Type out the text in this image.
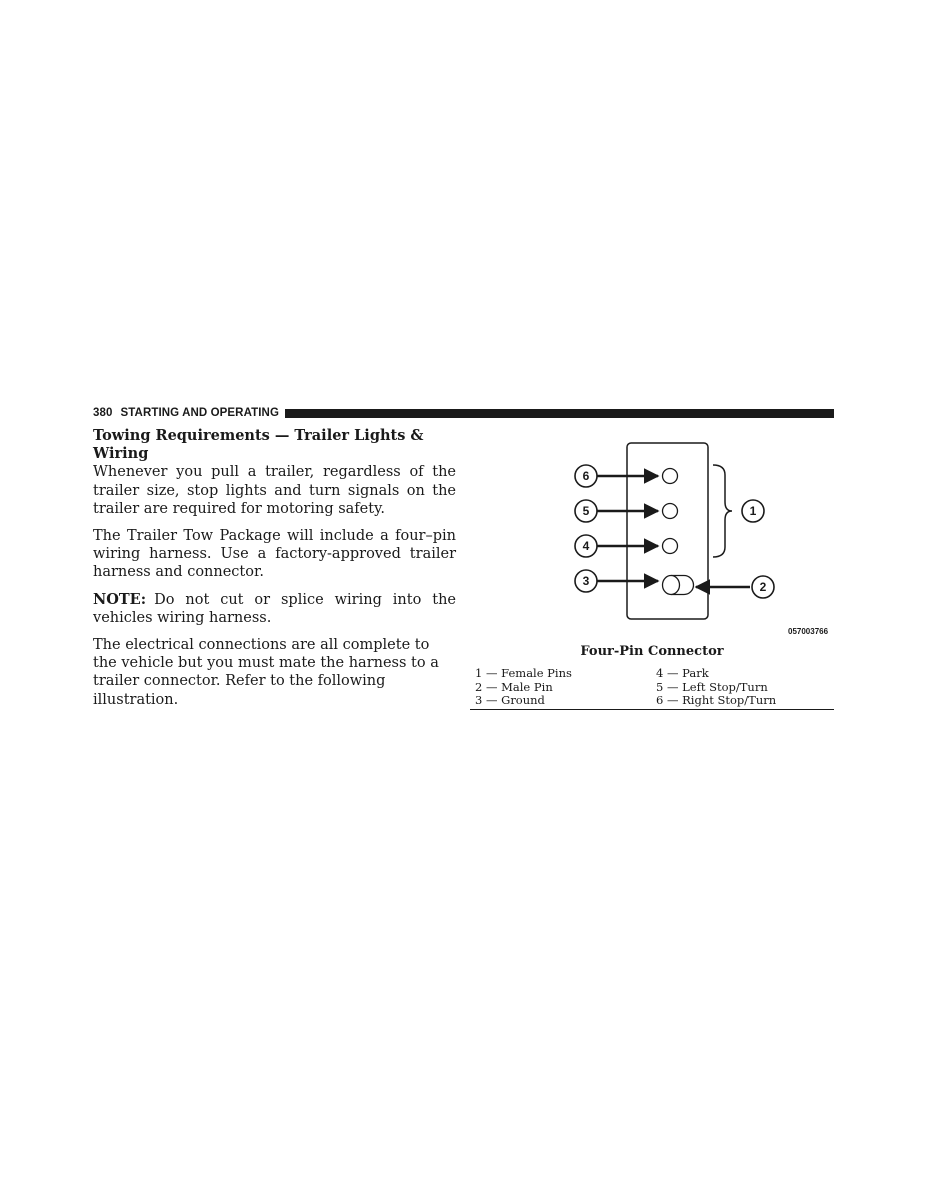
380 STARTING AND OPERATING
Towing Requirements — Trailer Lights & Wiring

Whenever you pull a trailer, regardless of the trailer size, stop lights and turn signals on the trailer are required for motoring safety.

The Trailer Tow Package will include a four–pin wiring harness. Use a factory-approved trailer harness and connector.

NOTE: Do not cut or splice wiring into the vehicles wiring harness.

The electrical connections are all complete to the vehicle but you must mate the harness to a trailer connector. Refer to the following illustration.

6
5
4
3
1
2
057003766
Four-Pin Connector
1 — Female Pins	4 — Park
2 — Male Pin	5 — Left Stop/Turn
3 — Ground	6 — Right Stop/Turn
